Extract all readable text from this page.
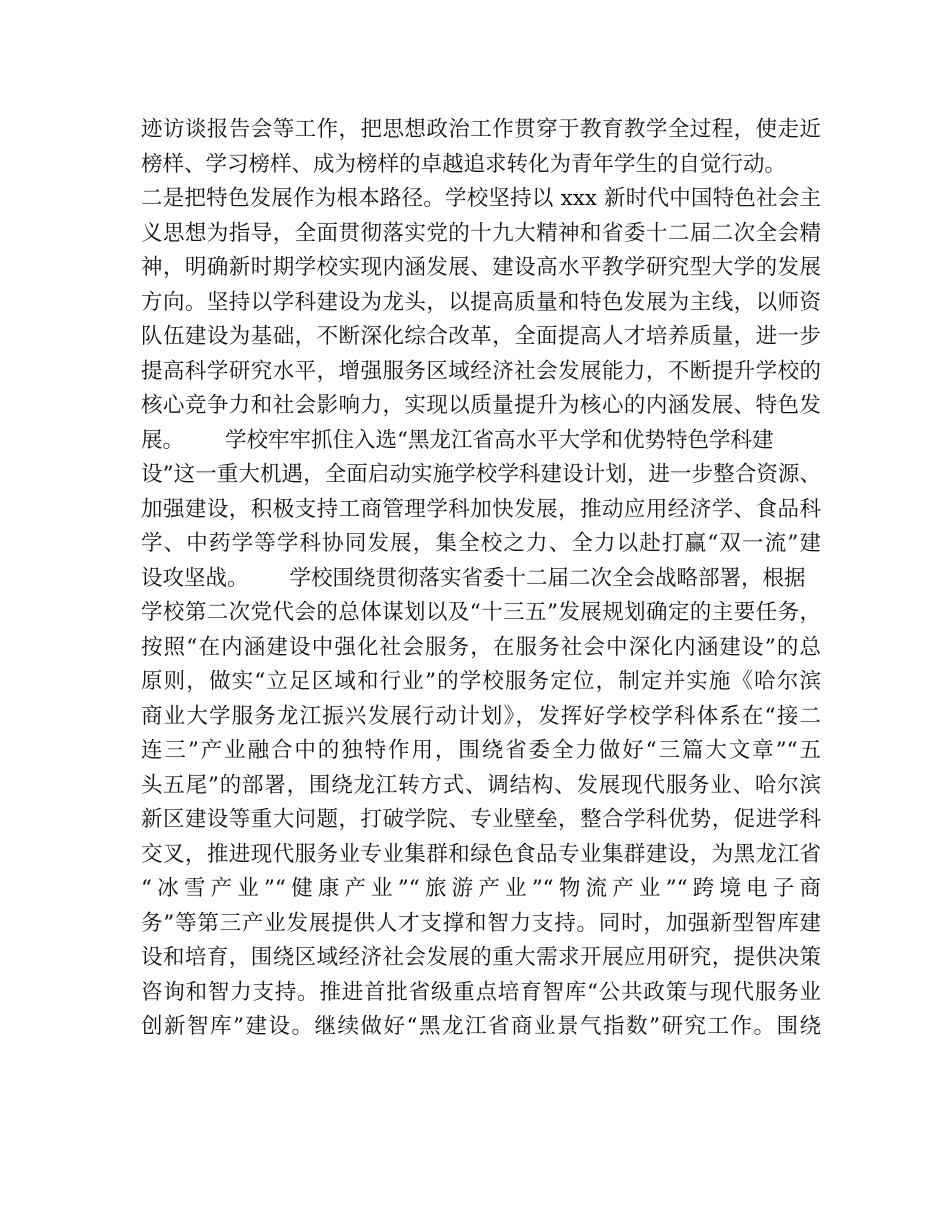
迹访谈报告会等工作，把思想政治工作贯穿于教育教学全过程，使走近
榜样、学习榜样、成为榜样的卓越追求转化为青年学生的自觉行动。
二是把特色发展作为根本路径。学校坚持以 xxx 新时代中国特色社会主
义思想为指导，全面贯彻落实党的十九大精神和省委十二届二次全会精
神，明确新时期学校实现内涵发展、建设高水平教学研究型大学的发展
方向。坚持以学科建设为龙头，以提高质量和特色发展为主线，以师资
队伍建设为基础，不断深化综合改革，全面提高人才培养质量，进一步
提高科学研究水平，增强服务区域经济社会发展能力，不断提升学校的
核心竞争力和社会影响力，实现以质量提升为核心的内涵发展、特色发
展。      学校牢牢抓住入选“黑龙江省高水平大学和优势特色学科建
设”这一重大机遇，全面启动实施学校学科建设计划，进一步整合资源、
加强建设，积极支持工商管理学科加快发展，推动应用经济学、食品科
学、中药学等学科协同发展，集全校之力、全力以赴打赢“双一流”建
设攻坚战。      学校围绕贯彻落实省委十二届二次全会战略部署，根据
学校第二次党代会的总体谋划以及“十三五”发展规划确定的主要任务，
按照“在内涵建设中强化社会服务，在服务社会中深化内涵建设”的总
原则，做实“立足区域和行业”的学校服务定位，制定并实施《哈尔滨
商业大学服务龙江振兴发展行动计划》，发挥好学校学科体系在“接二
连三”产业融合中的独特作用，围绕省委全力做好“三篇大文章”“五
头五尾”的部署，围绕龙江转方式、调结构、发展现代服务业、哈尔滨
新区建设等重大问题，打破学院、专业壁垒，整合学科优势，促进学科
交叉，推进现代服务业专业集群和绿色食品专业集群建设，为黑龙江省
“冰雪产业”“健康产业”“旅游产业”“物流产业”“跨境电子商
务”等第三产业发展提供人才支撑和智力支持。同时，加强新型智库建
设和培育，围绕区域经济社会发展的重大需求开展应用研究，提供决策
咨询和智力支持。推进首批省级重点培育智库“公共政策与现代服务业
创新智库”建设。继续做好“黑龙江省商业景气指数”研究工作。围绕
